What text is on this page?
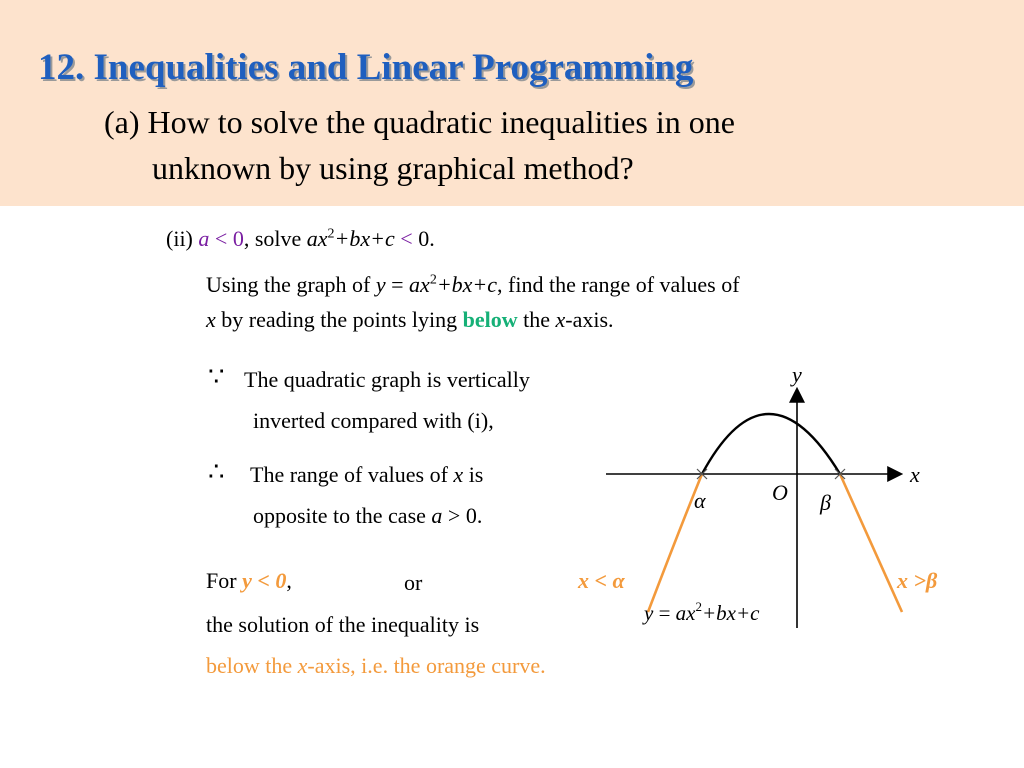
12. Inequalities and Linear Programming
(a) How to solve the quadratic inequalities in one
unknown by using graphical method?
(ii) a < 0, solve $ax^2+bx+c < 0$.
Using the graph of $y = ax^2+bx+c$, find the range of values of
x by reading the points lying below the x-axis.
∵ The quadratic graph is vertically
inverted compared with (i),
∴ The range of values of x is
opposite to the case a > 0.
For y < 0,	or	x < α	x >β
the solution of the inequality is
below the x-axis, i.e. the orange curve.
y
x
O
α	β
$y = ax^2+bx+c$
